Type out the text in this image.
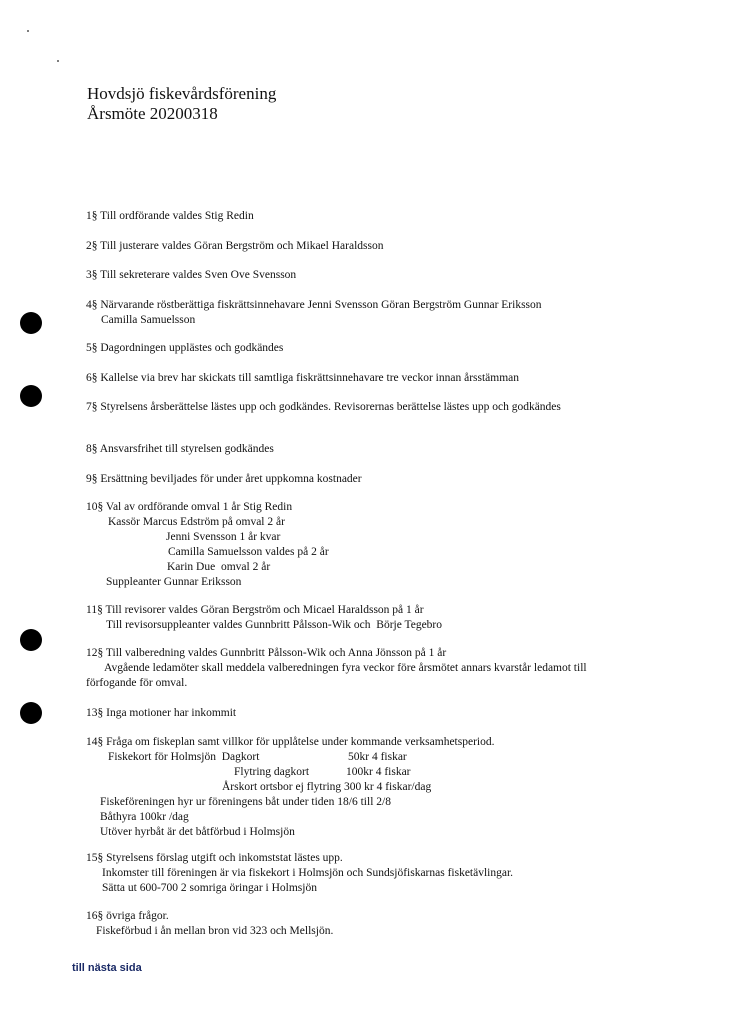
Hovdsjö fiskevårdsförening
Årsmöte 20200318
1§ Till ordförande valdes Stig Redin
2§ Till justerare valdes Göran Bergström och Mikael Haraldsson
3§ Till sekreterare valdes Sven Ove Svensson
4§ Närvarande röstberättiga fiskrättsinnehavare Jenni Svensson Göran Bergström Gunnar Eriksson
Camilla Samuelsson
5§ Dagordningen upplästes och godkändes
6§ Kallelse via brev har skickats till samtliga fiskrättsinnehavare tre veckor innan årsstämman
7§ Styrelsens årsberättelse lästes upp och godkändes. Revisorernas berättelse lästes upp och godkändes
8§ Ansvarsfrihet till styrelsen godkändes
9§ Ersättning beviljades för under året uppkomna kostnader
10§ Val av ordförande omval 1 år Stig Redin
Kassör Marcus Edström på omval 2 år
Jenni Svensson 1 år kvar
Camilla Samuelsson valdes på 2 år
Karin Due  omval 2 år
Suppleanter Gunnar Eriksson
11§ Till revisorer valdes Göran Bergström och Micael Haraldsson på 1 år
Till revisorsuppleanter valdes Gunnbritt Pålsson-Wik och  Börje Tegebro
12§ Till valberedning valdes Gunnbritt Pålsson-Wik och Anna Jönsson på 1 år
Avgående ledamöter skall meddela valberedningen fyra veckor före årsmötet annars kvarstår ledamot till
förfogande för omval.
13§ Inga motioner har inkommit
14§ Fråga om fiskeplan samt villkor för upplåtelse under kommande verksamhetsperiod.
Fiskekort för Holmsjön  Dagkort	50kr 4 fiskar
Flytring dagkort	100kr 4 fiskar
Årskort ortsbor ej flytring 300 kr 4 fiskar/dag
Fiskeföreningen hyr ur föreningens båt under tiden 18/6 till 2/8
Båthyra 100kr /dag
Utöver hyrbåt är det båtförbud i Holmsjön
15§ Styrelsens förslag utgift och inkomststat lästes upp.
Inkomster till föreningen är via fiskekort i Holmsjön och Sundsjöfiskarnas fisketävlingar.
Sätta ut 600-700 2 somriga öringar i Holmsjön
16§ övriga frågor.
Fiskeförbud i ån mellan bron vid 323 och Mellsjön.
till nästa sida
